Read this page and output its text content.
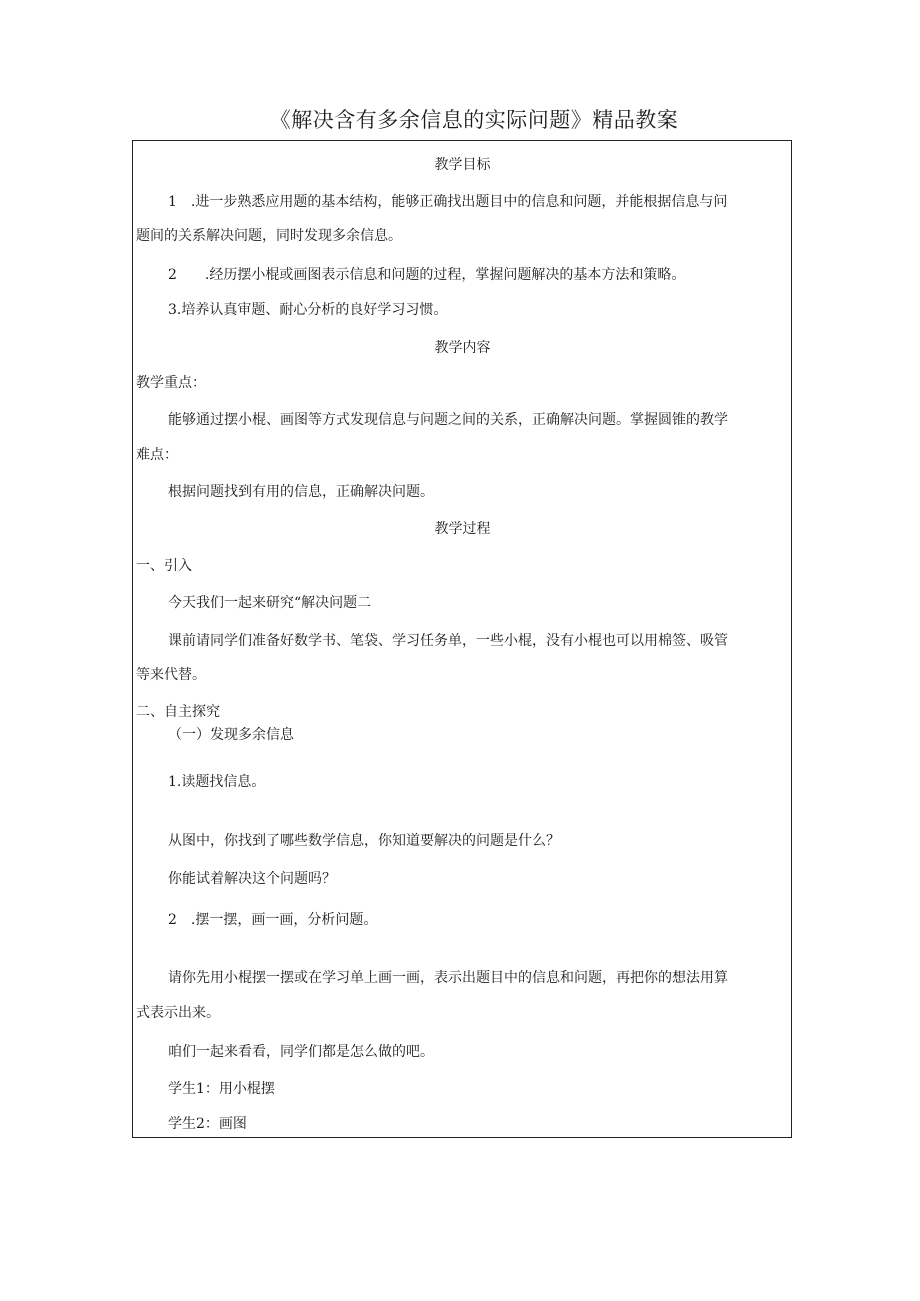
《解决含有多余信息的实际问题》精品教案
教学目标
1　.进一步熟悉应用题的基本结构，能够正确找出题目中的信息和问题，并能根据信息与问
题间的关系解决问题，同时发现多余信息。
2　　.经历摆小棍或画图表示信息和问题的过程，掌握问题解决的基本方法和策略。
3.培养认真审题、耐心分析的良好学习习惯。
教学内容
教学重点：
能够通过摆小棍、画图等方式发现信息与问题之间的关系，正确解决问题。掌握圆锥的教学
难点：
根据问题找到有用的信息，正确解决问题。
教学过程
一、引入
今天我们一起来研究“解决问题二
课前请同学们准备好数学书、笔袋、学习任务单，一些小棍，没有小棍也可以用棉签、吸管
等来代替。
二、自主探究
（一）发现多余信息
1.读题找信息。
从图中，你找到了哪些数学信息，你知道要解决的问题是什么？
你能试着解决这个问题吗？
2　.摆一摆，画一画，分析问题。
请你先用小棍摆一摆或在学习单上画一画，表示出题目中的信息和问题，再把你的想法用算
式表示出来。
咱们一起来看看，同学们都是怎么做的吧。
学生1：用小棍摆
学生2：画图
